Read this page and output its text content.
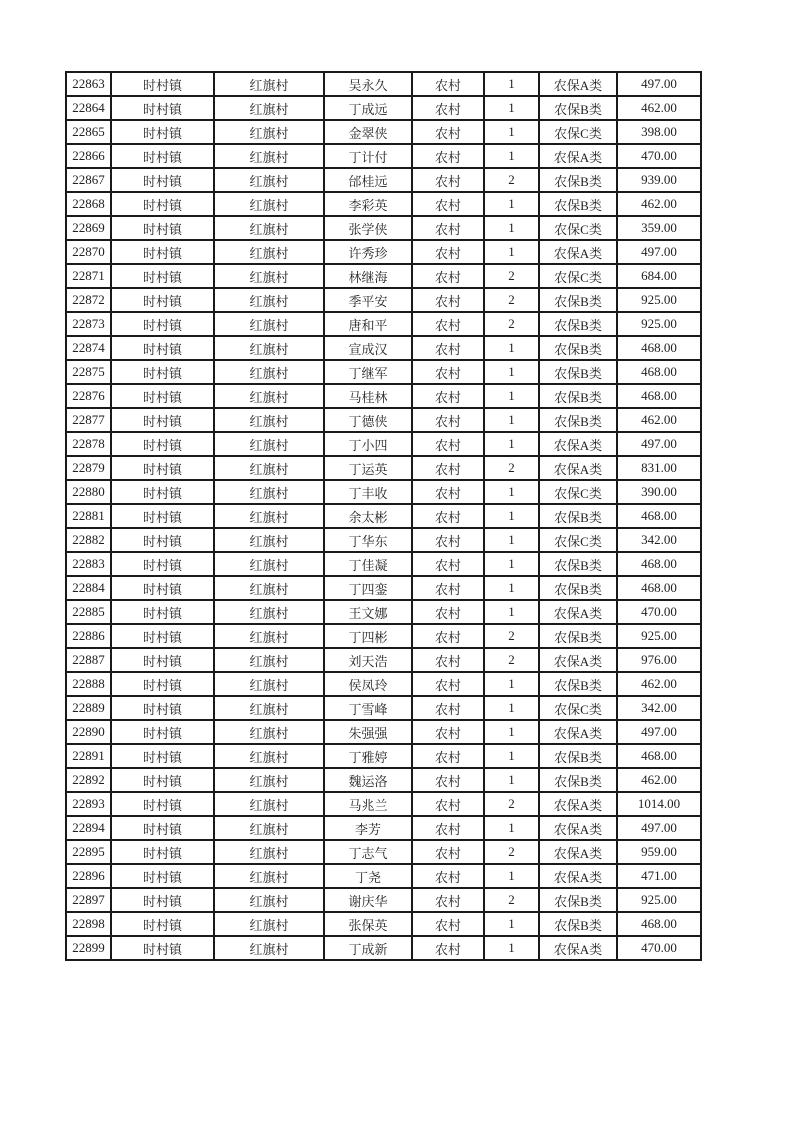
22863	时村镇	红旗村	吴永久	农村	1	农保A类	497.00
22864	时村镇	红旗村	丁成远	农村	1	农保B类	462.00
22865	时村镇	红旗村	金翠侠	农村	1	农保C类	398.00
22866	时村镇	红旗村	丁计付	农村	1	农保A类	470.00
22867	时村镇	红旗村	邰桂远	农村	2	农保B类	939.00
22868	时村镇	红旗村	李彩英	农村	1	农保B类	462.00
22869	时村镇	红旗村	张学侠	农村	1	农保C类	359.00
22870	时村镇	红旗村	许秀珍	农村	1	农保A类	497.00
22871	时村镇	红旗村	林继海	农村	2	农保C类	684.00
22872	时村镇	红旗村	季平安	农村	2	农保B类	925.00
22873	时村镇	红旗村	唐和平	农村	2	农保B类	925.00
22874	时村镇	红旗村	宣成汉	农村	1	农保B类	468.00
22875	时村镇	红旗村	丁继军	农村	1	农保B类	468.00
22876	时村镇	红旗村	马桂林	农村	1	农保B类	468.00
22877	时村镇	红旗村	丁德侠	农村	1	农保B类	462.00
22878	时村镇	红旗村	丁小四	农村	1	农保A类	497.00
22879	时村镇	红旗村	丁运英	农村	2	农保A类	831.00
22880	时村镇	红旗村	丁丰收	农村	1	农保C类	390.00
22881	时村镇	红旗村	余太彬	农村	1	农保B类	468.00
22882	时村镇	红旗村	丁华东	农村	1	农保C类	342.00
22883	时村镇	红旗村	丁佳凝	农村	1	农保B类	468.00
22884	时村镇	红旗村	丁四銮	农村	1	农保B类	468.00
22885	时村镇	红旗村	王文娜	农村	1	农保A类	470.00
22886	时村镇	红旗村	丁四彬	农村	2	农保B类	925.00
22887	时村镇	红旗村	刘天浩	农村	2	农保A类	976.00
22888	时村镇	红旗村	侯凤玲	农村	1	农保B类	462.00
22889	时村镇	红旗村	丁雪峰	农村	1	农保C类	342.00
22890	时村镇	红旗村	朱强强	农村	1	农保A类	497.00
22891	时村镇	红旗村	丁雅婷	农村	1	农保B类	468.00
22892	时村镇	红旗村	魏运洛	农村	1	农保B类	462.00
22893	时村镇	红旗村	马兆兰	农村	2	农保A类	1014.00
22894	时村镇	红旗村	李芳	农村	1	农保A类	497.00
22895	时村镇	红旗村	丁志气	农村	2	农保A类	959.00
22896	时村镇	红旗村	丁尧	农村	1	农保A类	471.00
22897	时村镇	红旗村	谢庆华	农村	2	农保B类	925.00
22898	时村镇	红旗村	张保英	农村	1	农保B类	468.00
22899	时村镇	红旗村	丁成新	农村	1	农保A类	470.00
